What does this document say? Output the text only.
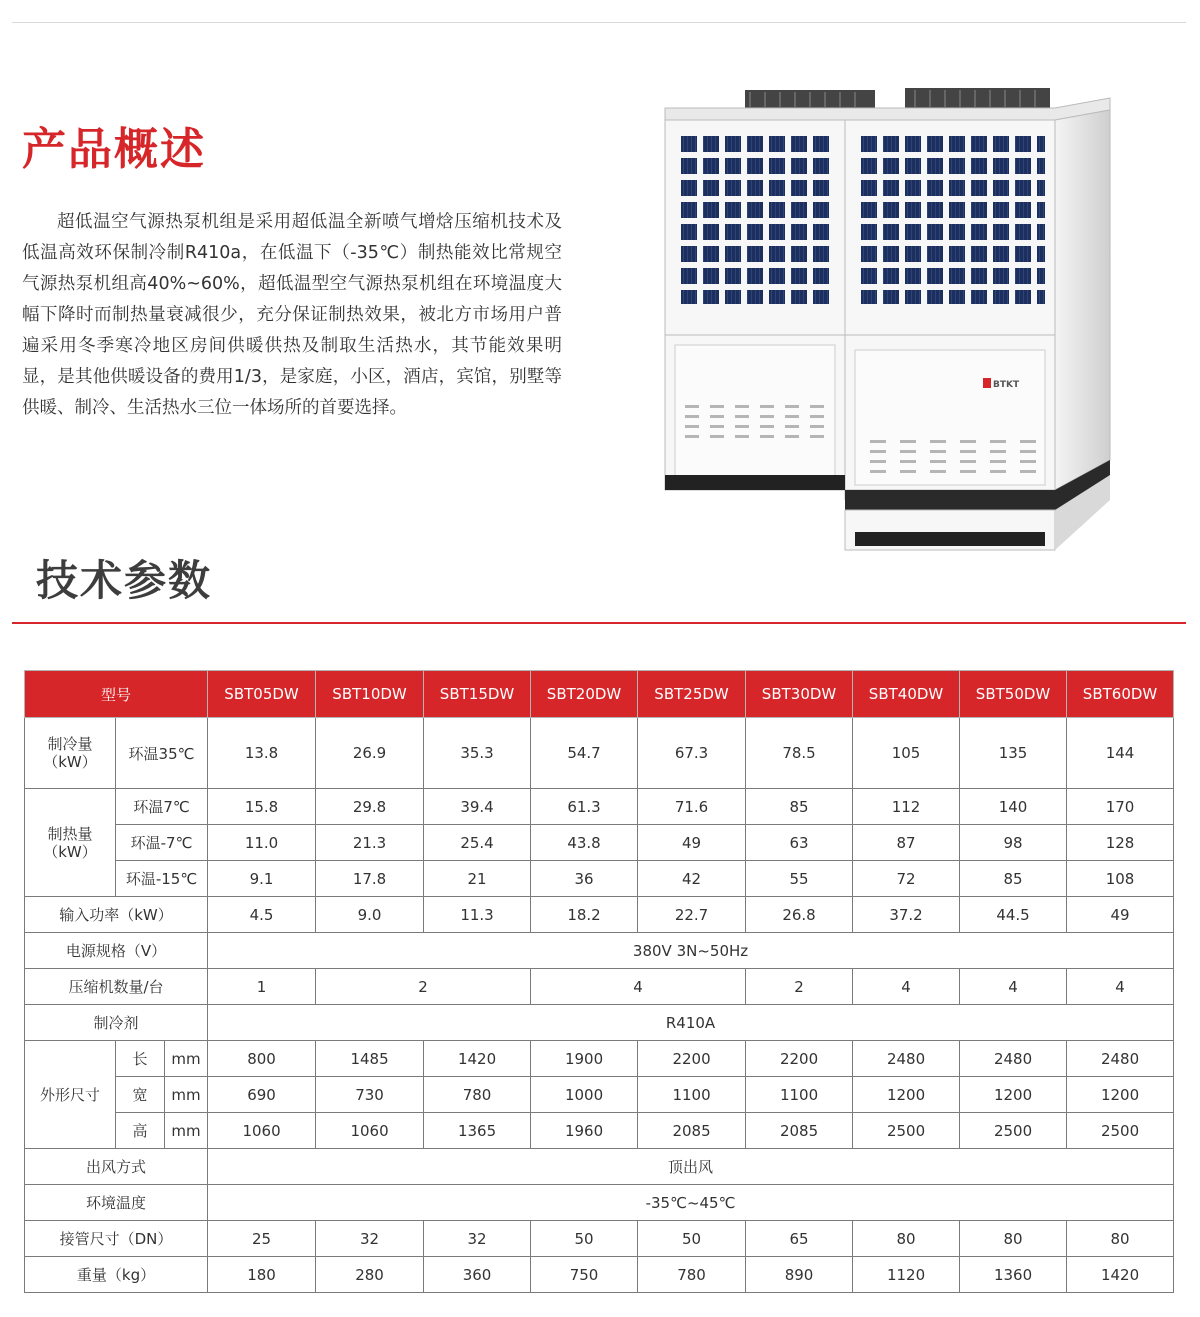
产品概述

超低温空气源热泵机组是采用超低温全新喷气增焓压缩机技术及低温高效环保制冷制R410a，在低温下（-35℃）制热能效比常规空气源热泵机组高40%~60%，超低温型空气源热泵机组在环境温度大幅下降时而制热量衰减很少，充分保证制热效果，被北方市场用户普遍采用冬季寒冷地区房间供暖供热及制取生活热水，其节能效果明显，是其他供暖设备的费用1/3，是家庭，小区，酒店，宾馆，别墅等供暖、制冷、生活热水三位一体场所的首要选择。

BTKT
技术参数
型号			SBT05DW	SBT10DW	SBT15DW	SBT20DW	SBT25DW	SBT30DW	SBT40DW	SBT50DW	SBT60DW
制冷量
（kW）	环温35℃		13.8	26.9	35.3	54.7	67.3	78.5	105	135	144
制热量
（kW）	环温7℃		15.8	29.8	39.4	61.3	71.6	85	112	140	170
	环温-7℃		11.0	21.3	25.4	43.8	49	63	87	98	128
	环温-15℃		9.1	17.8	21	36	42	55	72	85	108
输入功率（kW）			4.5	9.0	11.3	18.2	22.7	26.8	37.2	44.5	49
电源规格（V）			380V 3N~50Hz								
压缩机数量/台			1	2		4		2	4	4	4
制冷剂			R410A								
外形尺寸	长	mm	800	1485	1420	1900	2200	2200	2480	2480	2480
	宽	mm	690	730	780	1000	1100	1100	1200	1200	1200
	高	mm	1060	1060	1365	1960	2085	2085	2500	2500	2500
出风方式			顶出风								
环境温度			-35℃~45℃								
接管尺寸（DN）			25	32	32	50	50	65	80	80	80
重量（kg）			180	280	360	750	780	890	1120	1360	1420
